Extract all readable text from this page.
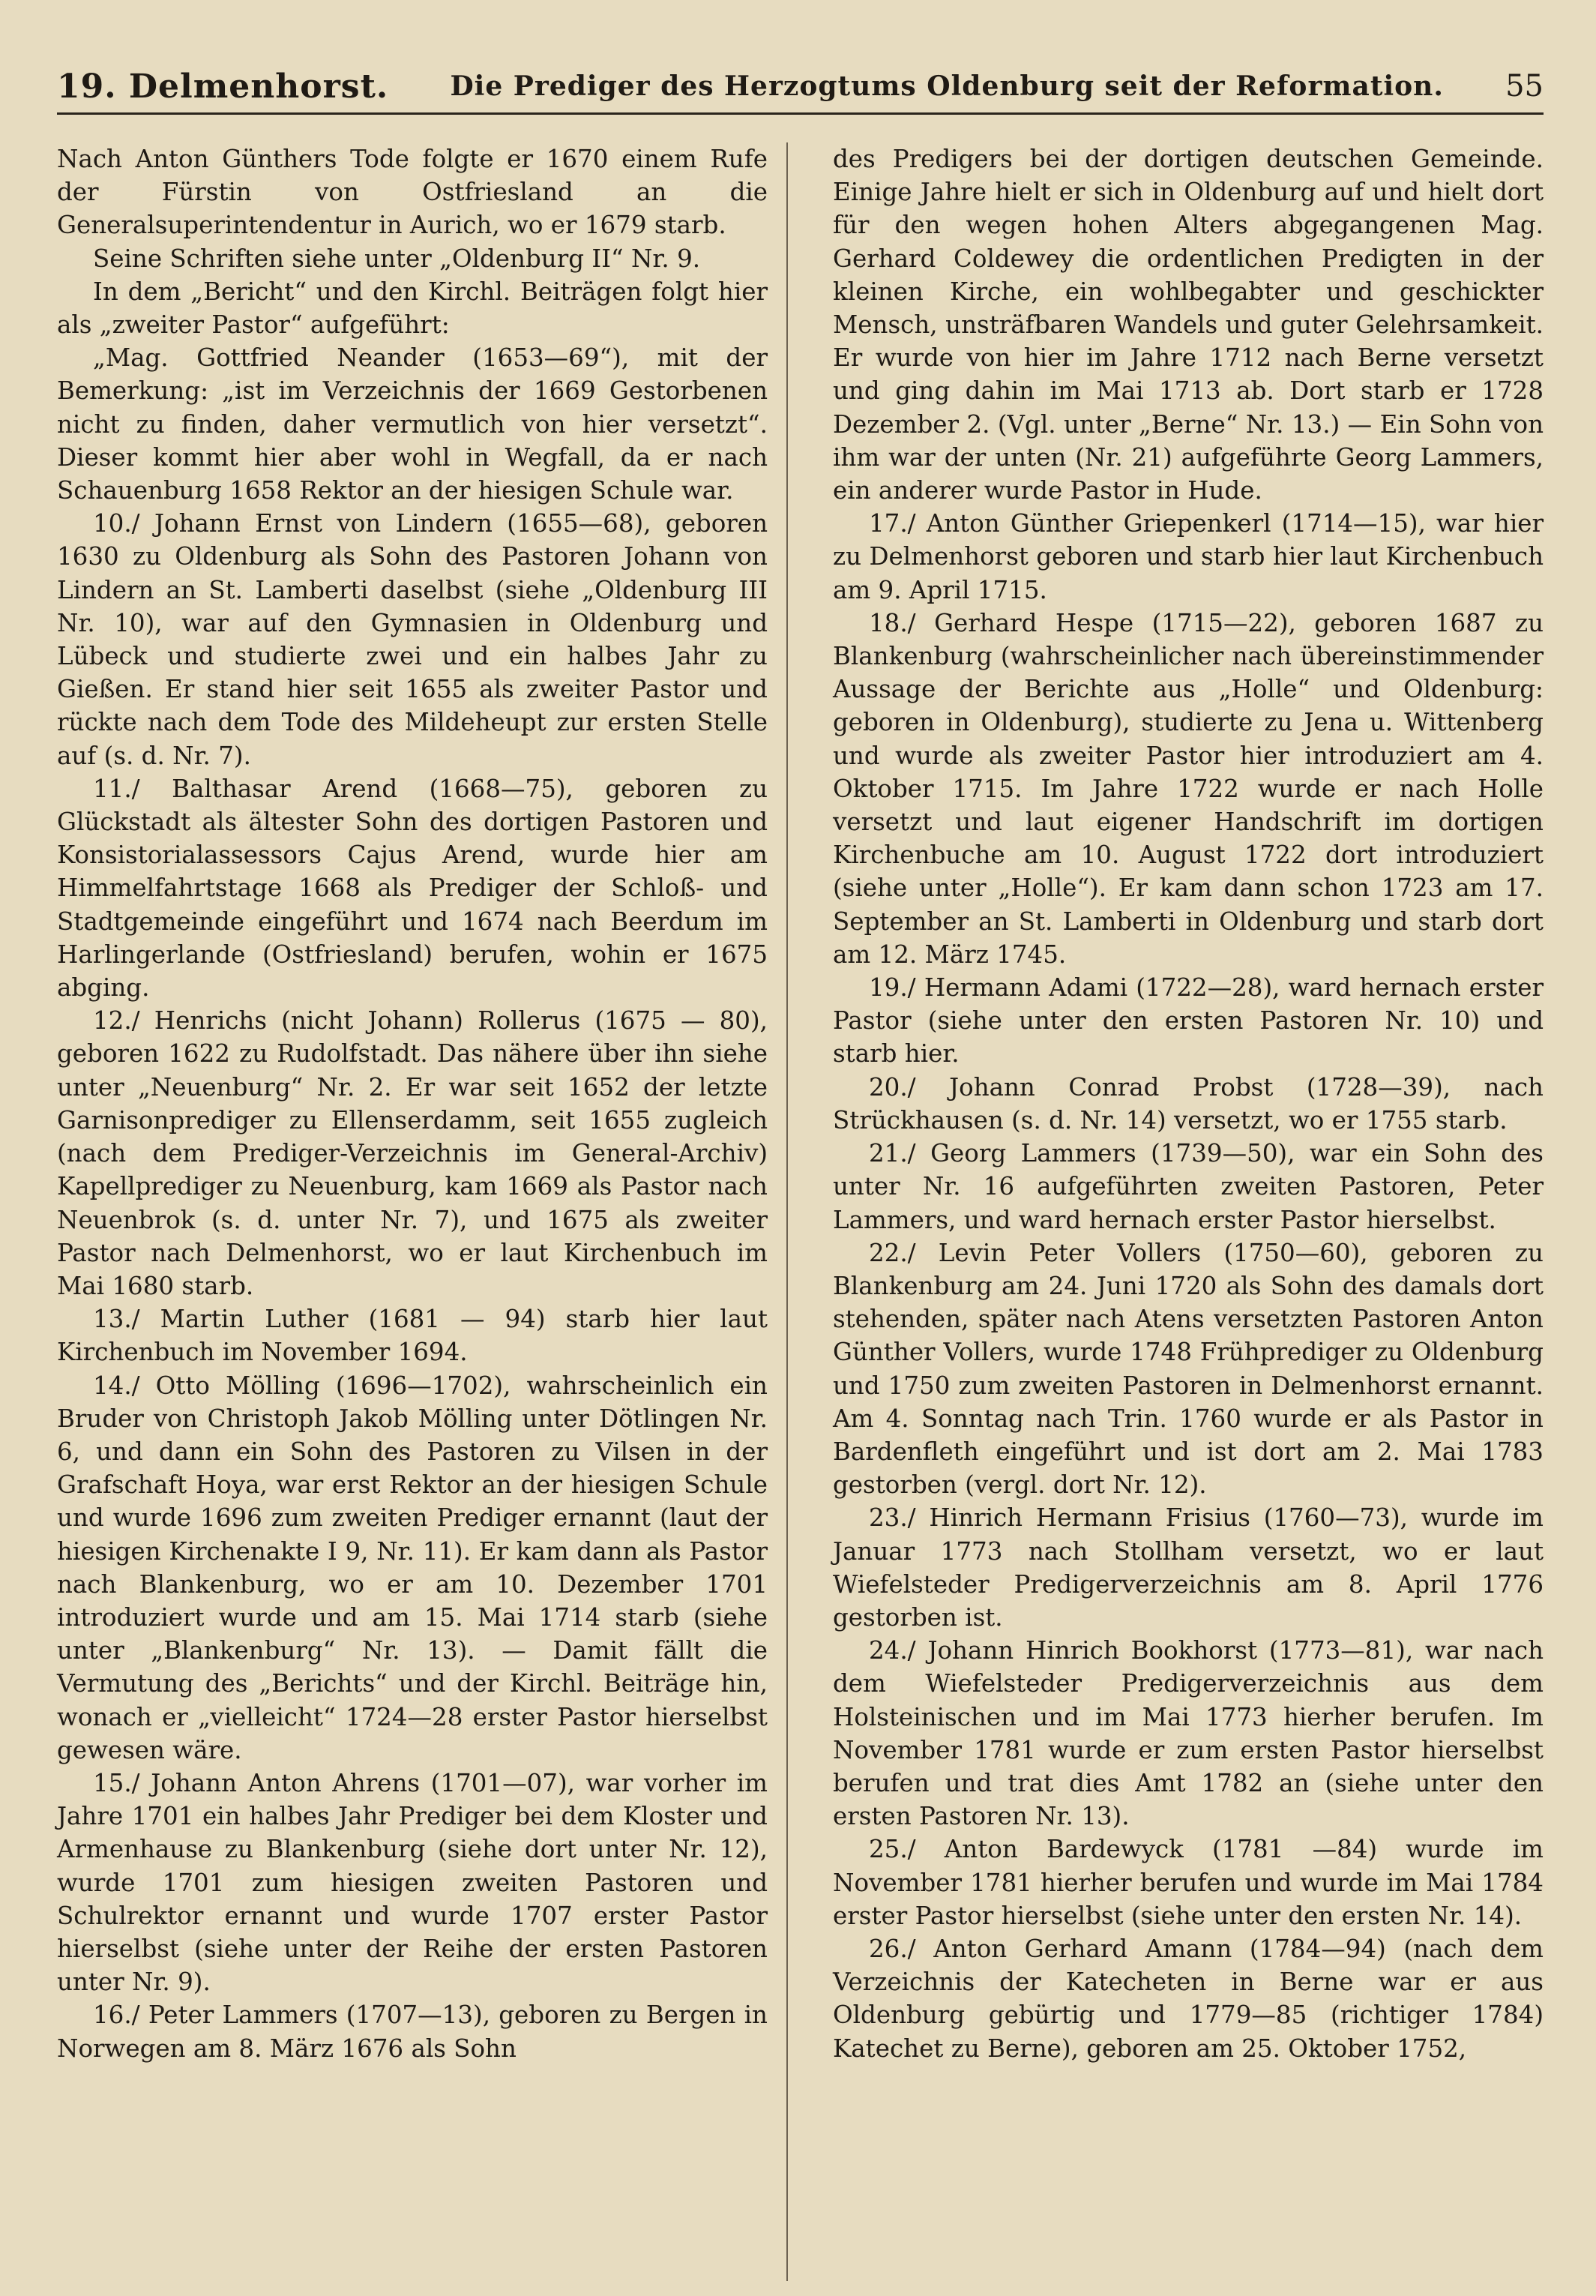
19. Delmenhorst. Die Prediger des Herzogtums Oldenburg seit der Reformation. 55

Nach Anton Günthers Tode folgte er 1670 einem Rufe der Fürstin von Ostfriesland an die Generalsuperintendentur in Aurich, wo er 1679 starb.

Seine Schriften siehe unter „Oldenburg II“ Nr. 9.

In dem „Bericht“ und den Kirchl. Beiträgen folgt hier als „zweiter Pastor“ aufgeführt:

„Mag. Gottfried Neander (1653—69“), mit der Bemerkung: „ist im Verzeichnis der 1669 Gestorbenen nicht zu finden, daher vermutlich von hier versetzt“. Dieser kommt hier aber wohl in Wegfall, da er nach Schauenburg 1658 Rektor an der hiesigen Schule war.

10./ Johann Ernst von Lindern (1655—68), geboren 1630 zu Oldenburg als Sohn des Pastoren Johann von Lindern an St. Lamberti daselbst (siehe „Oldenburg III Nr. 10), war auf den Gymnasien in Oldenburg und Lübeck und studierte zwei und ein halbes Jahr zu Gießen. Er stand hier seit 1655 als zweiter Pastor und rückte nach dem Tode des Mildeheupt zur ersten Stelle auf (s. d. Nr. 7).

11./ Balthasar Arend (1668—75), geboren zu Glückstadt als ältester Sohn des dortigen Pastoren und Konsistorialassessors Cajus Arend, wurde hier am Himmelfahrtstage 1668 als Prediger der Schloß- und Stadtgemeinde eingeführt und 1674 nach Beerdum im Harlingerlande (Ostfriesland) berufen, wohin er 1675 abging.

12./ Henrichs (nicht Johann) Rollerus (1675 — 80), geboren 1622 zu Rudolfstadt. Das nähere über ihn siehe unter „Neuenburg“ Nr. 2. Er war seit 1652 der letzte Garnisonprediger zu Ellenserdamm, seit 1655 zugleich (nach dem Prediger-Verzeichnis im General-Archiv) Kapellprediger zu Neuenburg, kam 1669 als Pastor nach Neuenbrok (s. d. unter Nr. 7), und 1675 als zweiter Pastor nach Delmenhorst, wo er laut Kirchenbuch im Mai 1680 starb.

13./ Martin Luther (1681 — 94) starb hier laut Kirchenbuch im November 1694.

14./ Otto Mölling (1696—1702), wahrscheinlich ein Bruder von Christoph Jakob Mölling unter Dötlingen Nr. 6, und dann ein Sohn des Pastoren zu Vilsen in der Grafschaft Hoya, war erst Rektor an der hiesigen Schule und wurde 1696 zum zweiten Prediger ernannt (laut der hiesigen Kirchenakte I 9, Nr. 11). Er kam dann als Pastor nach Blankenburg, wo er am 10. Dezember 1701 introduziert wurde und am 15. Mai 1714 starb (siehe unter „Blankenburg“ Nr. 13). — Damit fällt die Vermutung des „Berichts“ und der Kirchl. Beiträge hin, wonach er „vielleicht“ 1724—28 erster Pastor hierselbst gewesen wäre.

15./ Johann Anton Ahrens (1701—07), war vorher im Jahre 1701 ein halbes Jahr Prediger bei dem Kloster und Armenhause zu Blankenburg (siehe dort unter Nr. 12), wurde 1701 zum hiesigen zweiten Pastoren und Schulrektor ernannt und wurde 1707 erster Pastor hierselbst (siehe unter der Reihe der ersten Pastoren unter Nr. 9).

16./ Peter Lammers (1707—13), geboren zu Bergen in Norwegen am 8. März 1676 als Sohn

des Predigers bei der dortigen deutschen Gemeinde. Einige Jahre hielt er sich in Oldenburg auf und hielt dort für den wegen hohen Alters abgegangenen Mag. Gerhard Coldewey die ordentlichen Predigten in der kleinen Kirche, ein wohlbegabter und geschickter Mensch, unsträfbaren Wandels und guter Gelehrsamkeit. Er wurde von hier im Jahre 1712 nach Berne versetzt und ging dahin im Mai 1713 ab. Dort starb er 1728 Dezember 2. (Vgl. unter „Berne“ Nr. 13.) — Ein Sohn von ihm war der unten (Nr. 21) aufgeführte Georg Lammers, ein anderer wurde Pastor in Hude.

17./ Anton Günther Griepenkerl (1714—15), war hier zu Delmenhorst geboren und starb hier laut Kirchenbuch am 9. April 1715.

18./ Gerhard Hespe (1715—22), geboren 1687 zu Blankenburg (wahrscheinlicher nach übereinstimmender Aussage der Berichte aus „Holle“ und Oldenburg: geboren in Oldenburg), studierte zu Jena u. Wittenberg und wurde als zweiter Pastor hier introduziert am 4. Oktober 1715. Im Jahre 1722 wurde er nach Holle versetzt und laut eigener Handschrift im dortigen Kirchenbuche am 10. August 1722 dort introduziert (siehe unter „Holle“). Er kam dann schon 1723 am 17. September an St. Lamberti in Oldenburg und starb dort am 12. März 1745.

19./ Hermann Adami (1722—28), ward hernach erster Pastor (siehe unter den ersten Pastoren Nr. 10) und starb hier.

20./ Johann Conrad Probst (1728—39), nach Strückhausen (s. d. Nr. 14) versetzt, wo er 1755 starb.

21./ Georg Lammers (1739—50), war ein Sohn des unter Nr. 16 aufgeführten zweiten Pastoren, Peter Lammers, und ward hernach erster Pastor hierselbst.

22./ Levin Peter Vollers (1750—60), geboren zu Blankenburg am 24. Juni 1720 als Sohn des damals dort stehenden, später nach Atens versetzten Pastoren Anton Günther Vollers, wurde 1748 Frühprediger zu Oldenburg und 1750 zum zweiten Pastoren in Delmenhorst ernannt. Am 4. Sonntag nach Trin. 1760 wurde er als Pastor in Bardenfleth eingeführt und ist dort am 2. Mai 1783 gestorben (vergl. dort Nr. 12).

23./ Hinrich Hermann Frisius (1760—73), wurde im Januar 1773 nach Stollham versetzt, wo er laut Wiefelsteder Predigerverzeichnis am 8. April 1776 gestorben ist.

24./ Johann Hinrich Bookhorst (1773—81), war nach dem Wiefelsteder Predigerverzeichnis aus dem Holsteinischen und im Mai 1773 hierher berufen. Im November 1781 wurde er zum ersten Pastor hierselbst berufen und trat dies Amt 1782 an (siehe unter den ersten Pastoren Nr. 13).

25./ Anton Bardewyck (1781 —84) wurde im November 1781 hierher berufen und wurde im Mai 1784 erster Pastor hierselbst (siehe unter den ersten Nr. 14).

26./ Anton Gerhard Amann (1784—94) (nach dem Verzeichnis der Katecheten in Berne war er aus Oldenburg gebürtig und 1779—85 (richtiger 1784) Katechet zu Berne), geboren am 25. Oktober 1752,
